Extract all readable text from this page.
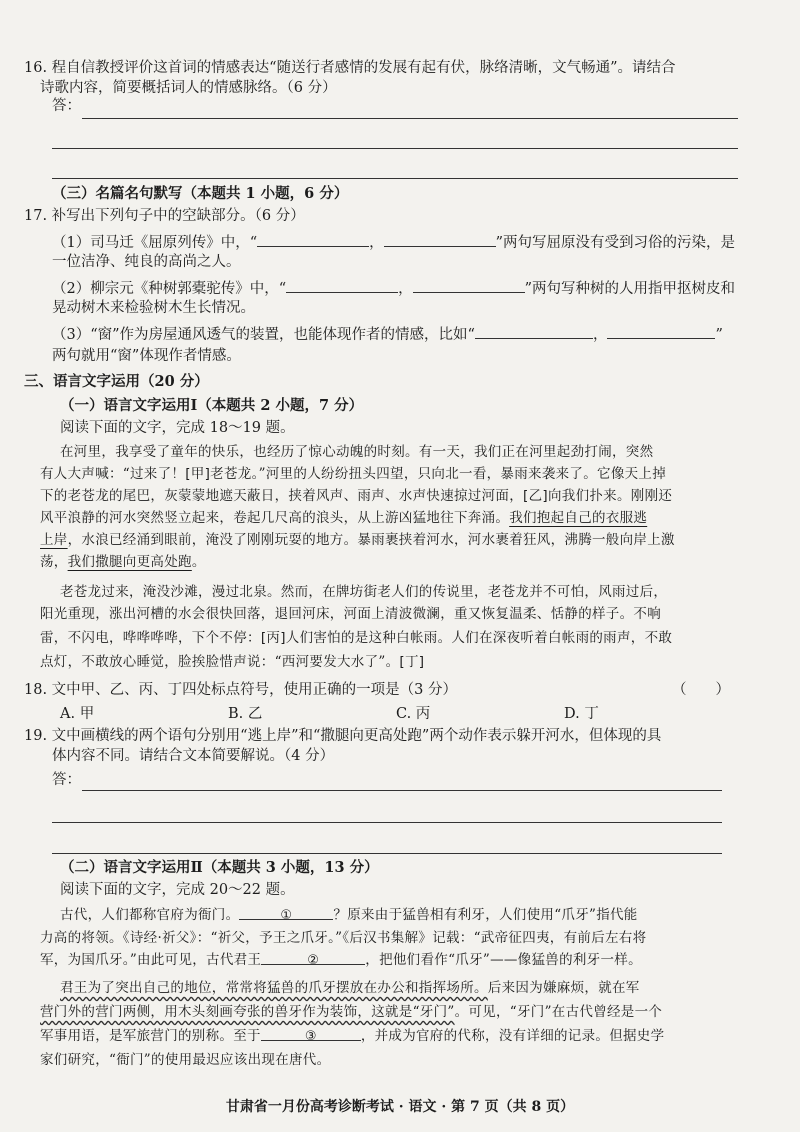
16. 程自信教授评价这首词的情感表达“随送行者感情的发展有起有伏，脉络清晰，文气畅通”。请结合
诗歌内容，简要概括词人的情感脉络。（6 分）
答：
（三）名篇名句默写（本题共 1 小题，6 分）
17. 补写出下列句子中的空缺部分。（6 分）
（1）司马迁《屈原列传》中，“	，	”两句写屈原没有受到习俗的污染，是
一位洁净、纯良的高尚之人。
（2）柳宗元《种树郭橐驼传》中，“	，	”两句写种树的人用指甲抠树皮和
晃动树木来检验树木生长情况。
（3）“窗”作为房屋通风透气的装置，也能体现作者的情感，比如“	，	”
两句就用“窗”体现作者情感。
三、语言文字运用（20 分）
（一）语言文字运用Ⅰ（本题共 2 小题，7 分）
阅读下面的文字，完成 18～19 题。
在河里，我享受了童年的快乐，也经历了惊心动魄的时刻。有一天，我们正在河里起劲打闹，突然
有人大声喊：“过来了！[甲]老苍龙。”河里的人纷纷扭头四望，只向北一看，暴雨来袭来了。它像天上掉
下的老苍龙的尾巴，灰蒙蒙地遮天蔽日，挟着风声、雨声、水声快速掠过河面，[乙]向我们扑来。刚刚还
风平浪静的河水突然竖立起来，卷起几尺高的浪头，从上游凶猛地往下奔涌。我们抱起自己的衣服逃
上岸，水浪已经涌到眼前，淹没了刚刚玩耍的地方。暴雨裹挟着河水，河水裹着狂风，沸腾一般向岸上激
荡，我们撒腿向更高处跑。
老苍龙过来，淹没沙滩，漫过北泉。然而，在牌坊街老人们的传说里，老苍龙并不可怕，风雨过后，
阳光重现，涨出河槽的水会很快回落，退回河床，河面上清波微澜，重又恢复温柔、恬静的样子。不响
雷，不闪电，哗哗哗哗，下个不停：[丙]人们害怕的是这种白帐雨。人们在深夜听着白帐雨的雨声，不敢
点灯，不敢放心睡觉，脸挨脸惜声说：“西河要发大水了”。[丁]
18. 文中甲、乙、丙、丁四处标点符号，使用正确的一项是（3 分）	（　　）
A. 甲	B. 乙	C. 丙	D. 丁
19. 文中画横线的两个语句分别用“逃上岸”和“撒腿向更高处跑”两个动作表示躲开河水，但体现的具
体内容不同。请结合文本简要解说。（4 分）
答：
（二）语言文字运用Ⅱ（本题共 3 小题，13 分）
阅读下面的文字，完成 20～22 题。
古代，人们都称官府为衙门。	①	？原来由于猛兽相有利牙，人们使用“爪牙”指代能
力高的将领。《诗经·祈父》：“祈父，予王之爪牙。”《后汉书集解》记载：“武帝征四夷，有前后左右将
军，为国爪牙。”由此可见，古代君王	②	，把他们看作“爪牙”——像猛兽的利牙一样。
君王为了突出自己的地位，常常将猛兽的爪牙摆放在办公和指挥场所。后来因为嫌麻烦，就在军
营门外的营门两侧，用木头刻画夸张的兽牙作为装饰，这就是“牙门”。可见，“牙门”在古代曾经是一个
军事用语，是军旅营门的别称。至于	③	，并成为官府的代称，没有详细的记录。但据史学
家们研究，“衙门”的使用最迟应该出现在唐代。
甘肃省一月份高考诊断考试 · 语文 · 第 7 页（共 8 页）
